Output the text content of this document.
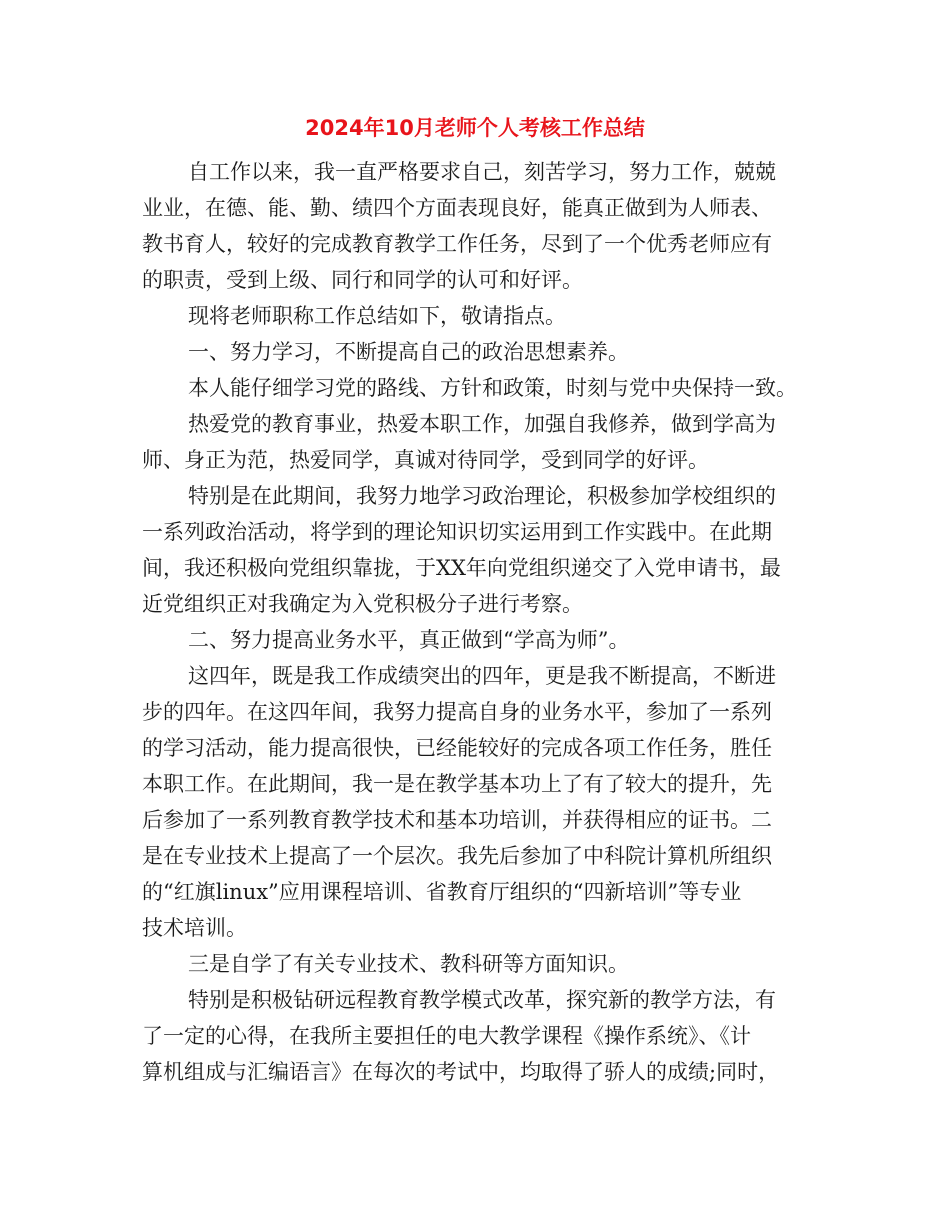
2024年10月老师个人考核工作总结

自工作以来，我一直严格要求自己，刻苦学习，努力工作，兢兢

业业，在德、能、勤、绩四个方面表现良好，能真正做到为人师表、

教书育人，较好的完成教育教学工作任务，尽到了一个优秀老师应有

的职责，受到上级、同行和同学的认可和好评。

现将老师职称工作总结如下，敬请指点。

一、努力学习，不断提高自己的政治思想素养。

本人能仔细学习党的路线、方针和政策，时刻与党中央保持一致。

热爱党的教育事业，热爱本职工作，加强自我修养，做到学高为

师、身正为范，热爱同学，真诚对待同学，受到同学的好评。

特别是在此期间，我努力地学习政治理论，积极参加学校组织的

一系列政治活动，将学到的理论知识切实运用到工作实践中。在此期

间，我还积极向党组织靠拢，于XX年向党组织递交了入党申请书，最

近党组织正对我确定为入党积极分子进行考察。

二、努力提高业务水平，真正做到“学高为师”。

这四年，既是我工作成绩突出的四年，更是我不断提高，不断进

步的四年。在这四年间，我努力提高自身的业务水平，参加了一系列

的学习活动，能力提高很快，已经能较好的完成各项工作任务，胜任

本职工作。在此期间，我一是在教学基本功上了有了较大的提升，先

后参加了一系列教育教学技术和基本功培训，并获得相应的证书。二

是在专业技术上提高了一个层次。我先后参加了中科院计算机所组织

的“红旗linux”应用课程培训、省教育厅组织的“四新培训”等专业

技术培训。

三是自学了有关专业技术、教科研等方面知识。

特别是积极钻研远程教育教学模式改革，探究新的教学方法，有

了一定的心得，在我所主要担任的电大教学课程《操作系统》、《计

算机组成与汇编语言》在每次的考试中，均取得了骄人的成绩;同时，
